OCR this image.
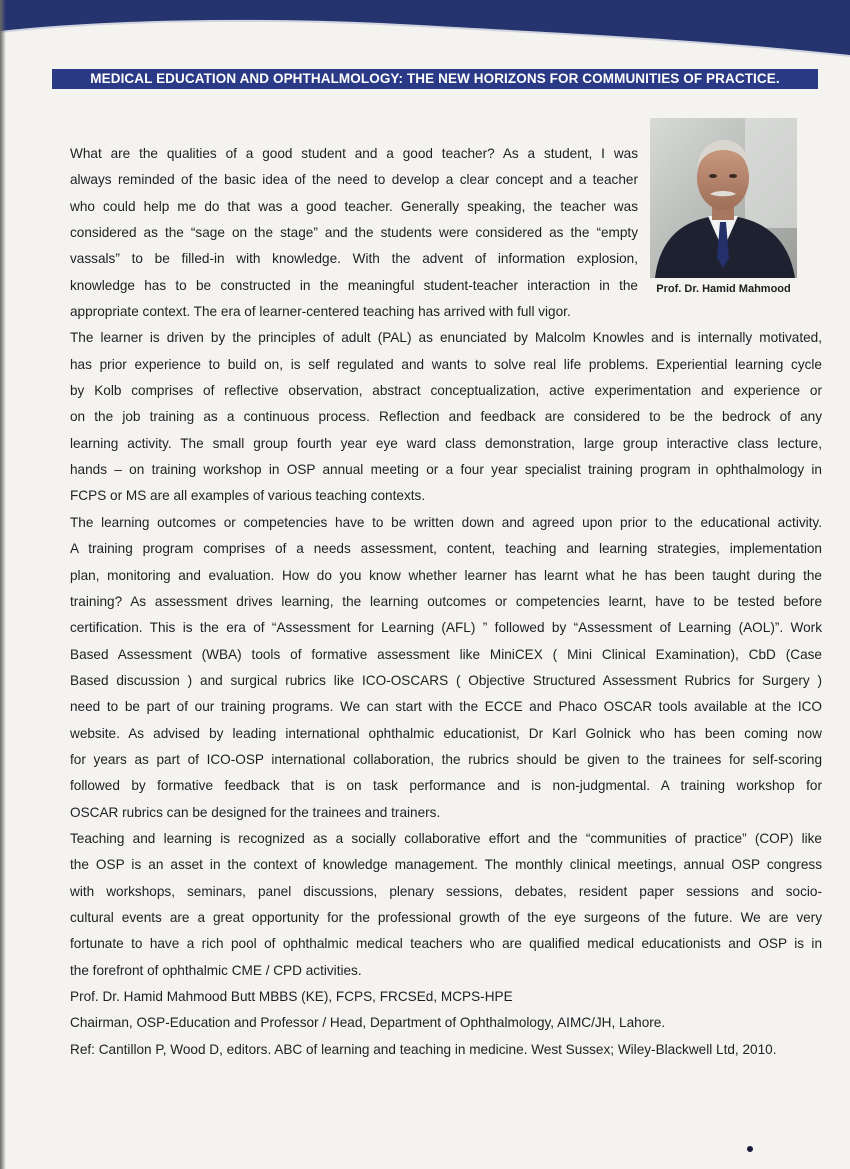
MEDICAL EDUCATION AND OPHTHALMOLOGY: THE NEW HORIZONS FOR COMMUNITIES OF PRACTICE.
Prof. Dr. Hamid Mahmood
What are the qualities of a good student and a good teacher? As a student, I was
always reminded of the basic idea of the need to develop a clear concept and a teacher
who could help me do that was a good teacher. Generally speaking, the teacher was
considered as the “sage on the stage” and the students were considered as the “empty
vassals” to be filled-in with knowledge. With the advent of information explosion,
knowledge has to be constructed in the meaningful student-teacher interaction in the
appropriate context. The era of learner-centered teaching has arrived with full vigor.
The learner is driven by the principles of adult (PAL) as enunciated by Malcolm Knowles and is internally motivated,
has prior experience to build on, is self regulated and wants to solve real life problems. Experiential learning cycle
by Kolb comprises of reflective observation, abstract conceptualization, active experimentation and experience or
on the job training as a continuous process. Reflection and feedback are considered to be the bedrock of any
learning activity. The small group fourth year eye ward class demonstration, large group interactive class lecture,
hands – on training workshop in OSP annual meeting or a four year specialist training program in ophthalmology in
FCPS or MS are all examples of various teaching contexts.
The learning outcomes or competencies have to be written down and agreed upon prior to the educational activity.
A training program comprises of a needs assessment, content, teaching and learning strategies, implementation
plan, monitoring and evaluation. How do you know whether learner has learnt what he has been taught during the
training? As assessment drives learning, the learning outcomes or competencies learnt, have to be tested before
certification. This is the era of “Assessment for Learning (AFL) ” followed by “Assessment of Learning (AOL)”. Work
Based Assessment (WBA) tools of formative assessment like MiniCEX ( Mini Clinical Examination), CbD (Case
Based discussion ) and surgical rubrics like ICO-OSCARS ( Objective Structured Assessment Rubrics for Surgery )
need to be part of our training programs. We can start with the ECCE and Phaco OSCAR tools available at the ICO
website. As advised by leading international ophthalmic educationist, Dr Karl Golnick who has been coming now
for years as part of ICO-OSP international collaboration, the rubrics should be given to the trainees for self-scoring
followed by formative feedback that is on task performance and is non-judgmental. A training workshop for
OSCAR rubrics can be designed for the trainees and trainers.
Teaching and learning is recognized as a socially collaborative effort and the “communities of practice” (COP) like
the OSP is an asset in the context of knowledge management. The monthly clinical meetings, annual OSP congress
with workshops, seminars, panel discussions, plenary sessions, debates, resident paper sessions and socio-
cultural events are a great opportunity for the professional growth of the eye surgeons of the future. We are very
fortunate to have a rich pool of ophthalmic medical teachers who are qualified medical educationists and OSP is in
the forefront of ophthalmic CME / CPD activities.
Prof. Dr. Hamid Mahmood Butt MBBS (KE), FCPS, FRCSEd, MCPS-HPE
Chairman, OSP-Education and Professor / Head, Department of Ophthalmology, AIMC/JH, Lahore.
Ref: Cantillon P, Wood D, editors. ABC of learning and teaching in medicine. West Sussex; Wiley-Blackwell Ltd, 2010.
